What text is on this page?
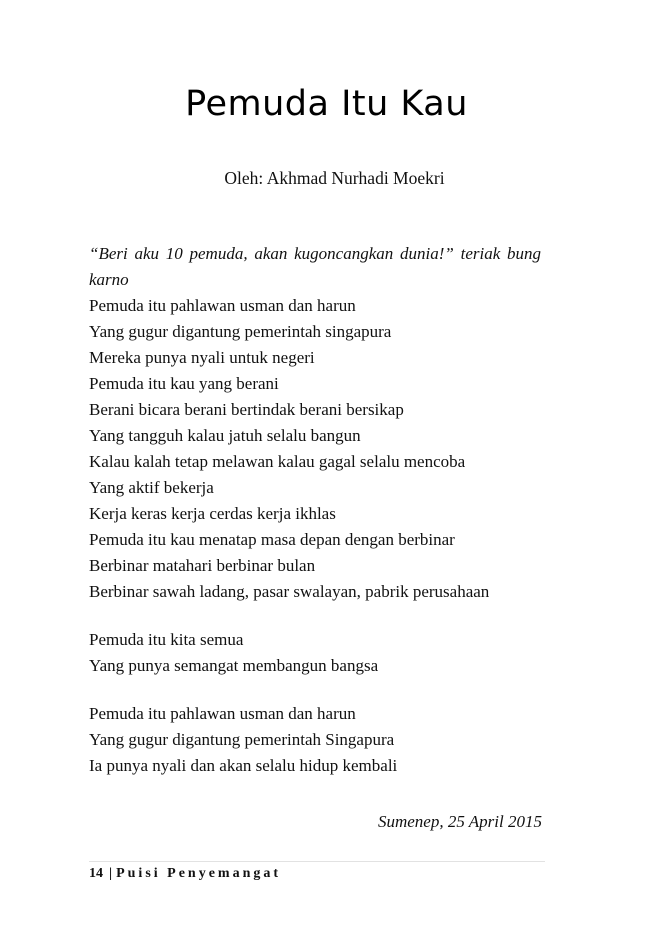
Pemuda Itu Kau
Oleh: Akhmad Nurhadi Moekri

“Beri aku 10 pemuda, akan kugoncangkan dunia!” teriak bung karno

Pemuda itu pahlawan usman dan harun
Yang gugur digantung pemerintah singapura
Mereka punya nyali untuk negeri
Pemuda itu kau yang berani
Berani bicara berani bertindak berani bersikap
Yang tangguh kalau jatuh selalu bangun
Kalau kalah tetap melawan kalau gagal selalu mencoba
Yang aktif bekerja
Kerja keras kerja cerdas kerja ikhlas
Pemuda itu kau menatap masa depan dengan berbinar
Berbinar matahari berbinar bulan
Berbinar sawah ladang, pasar swalayan, pabrik perusahaan
Pemuda itu kita semua
Yang punya semangat membangun bangsa
Pemuda itu pahlawan usman dan harun
Yang gugur digantung pemerintah Singapura
Ia punya nyali dan akan selalu hidup kembali
Sumenep, 25 April 2015
14 | Puisi Penyemangat
